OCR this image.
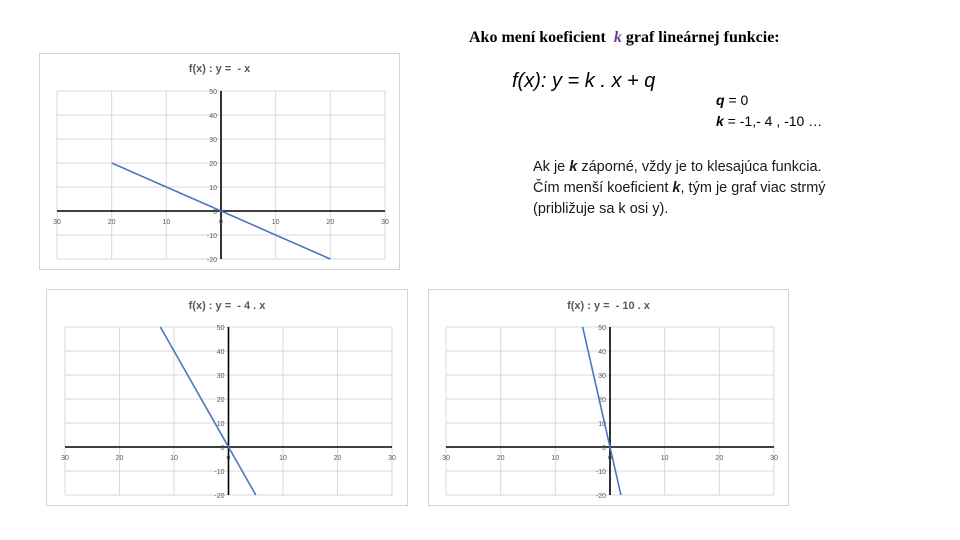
Ako mení koeficient k graf lineárnej funkcie:
f(x): y = k . x + q
q = 0
k = -1,- 4 , -10 …
Ak je k záporné, vždy je to klesajúca funkcia.
Čím menší koeficient k, tým je graf viac strmý
(približuje sa k osi y).
f(x) : y =  - x
30	20	10	0	10	20	30
50
40
30
20
10
0
-10
-20
f(x) : y =  - 4 . x
30	20	10	0	10	20	30
50
40
30
20
10
0
-10
-20
f(x) : y =  - 10 . x
30	20	10	0	10	20	30
50
40
30
20
10
0
-10
-20
